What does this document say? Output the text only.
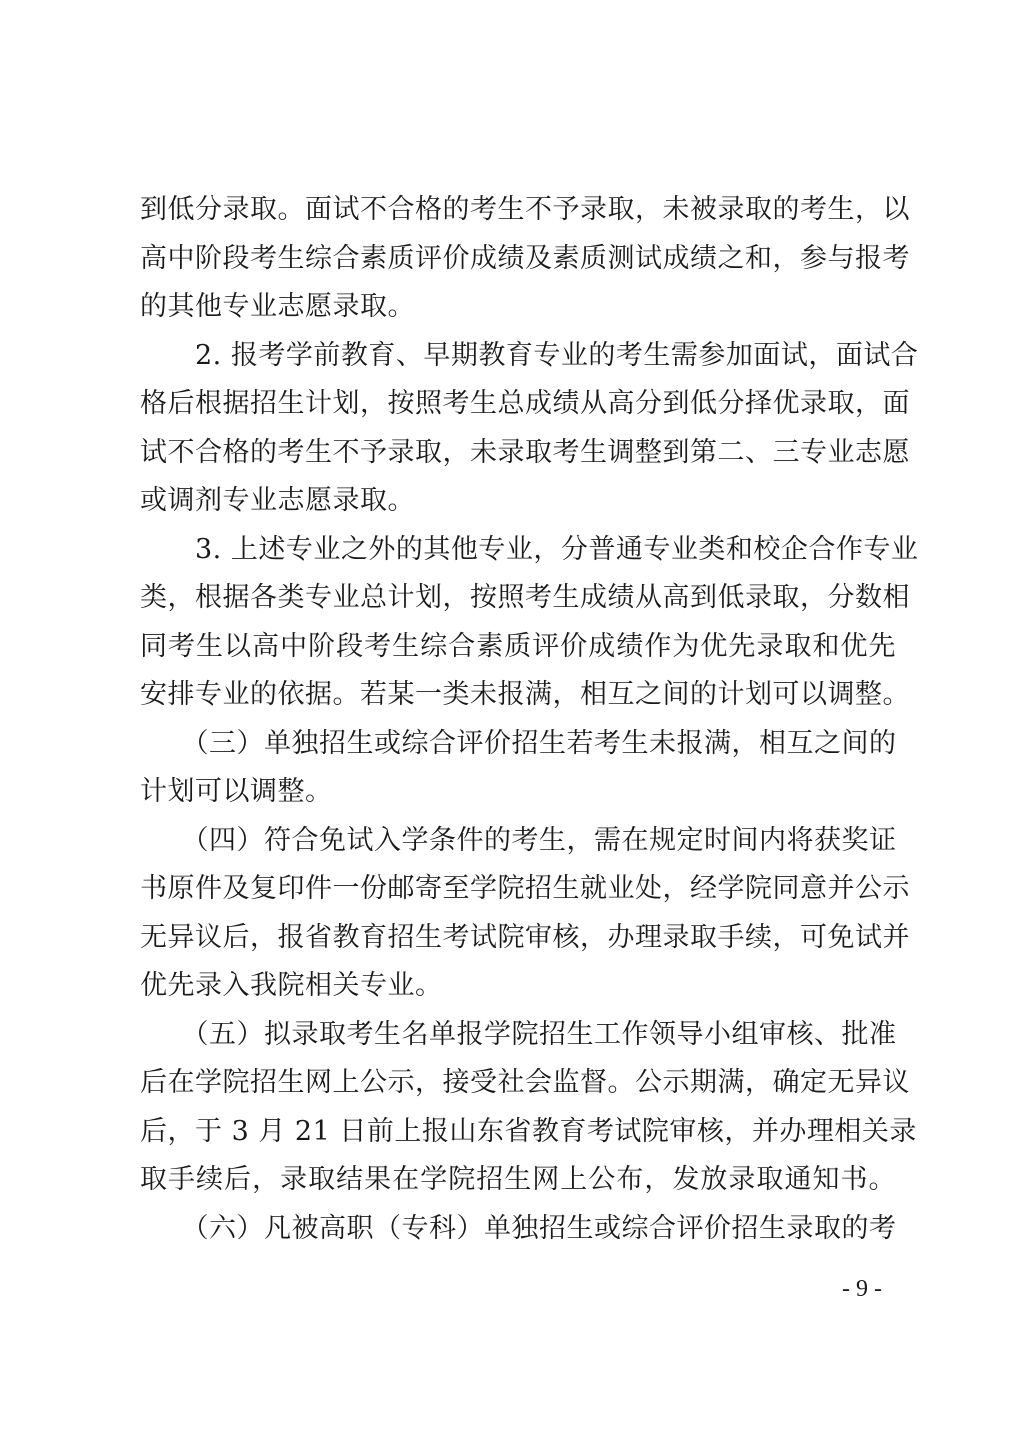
到低分录取。面试不合格的考生不予录取，未被录取的考生，以
高中阶段考生综合素质评价成绩及素质测试成绩之和，参与报考
的其他专业志愿录取。
　　2. 报考学前教育、早期教育专业的考生需参加面试，面试合
格后根据招生计划，按照考生总成绩从高分到低分择优录取，面
试不合格的考生不予录取，未录取考生调整到第二、三专业志愿
或调剂专业志愿录取。
　　3. 上述专业之外的其他专业，分普通专业类和校企合作专业
类，根据各类专业总计划，按照考生成绩从高到低录取，分数相
同考生以高中阶段考生综合素质评价成绩作为优先录取和优先
安排专业的依据。若某一类未报满，相互之间的计划可以调整。
　　（三）单独招生或综合评价招生若考生未报满，相互之间的
计划可以调整。
　　（四）符合免试入学条件的考生，需在规定时间内将获奖证
书原件及复印件一份邮寄至学院招生就业处，经学院同意并公示
无异议后，报省教育招生考试院审核，办理录取手续，可免试并
优先录入我院相关专业。
　　（五）拟录取考生名单报学院招生工作领导小组审核、批准
后在学院招生网上公示，接受社会监督。公示期满，确定无异议
后，于 3 月 21 日前上报山东省教育考试院审核，并办理相关录
取手续后，录取结果在学院招生网上公布，发放录取通知书。
　　（六）凡被高职（专科）单独招生或综合评价招生录取的考
- 9 -
